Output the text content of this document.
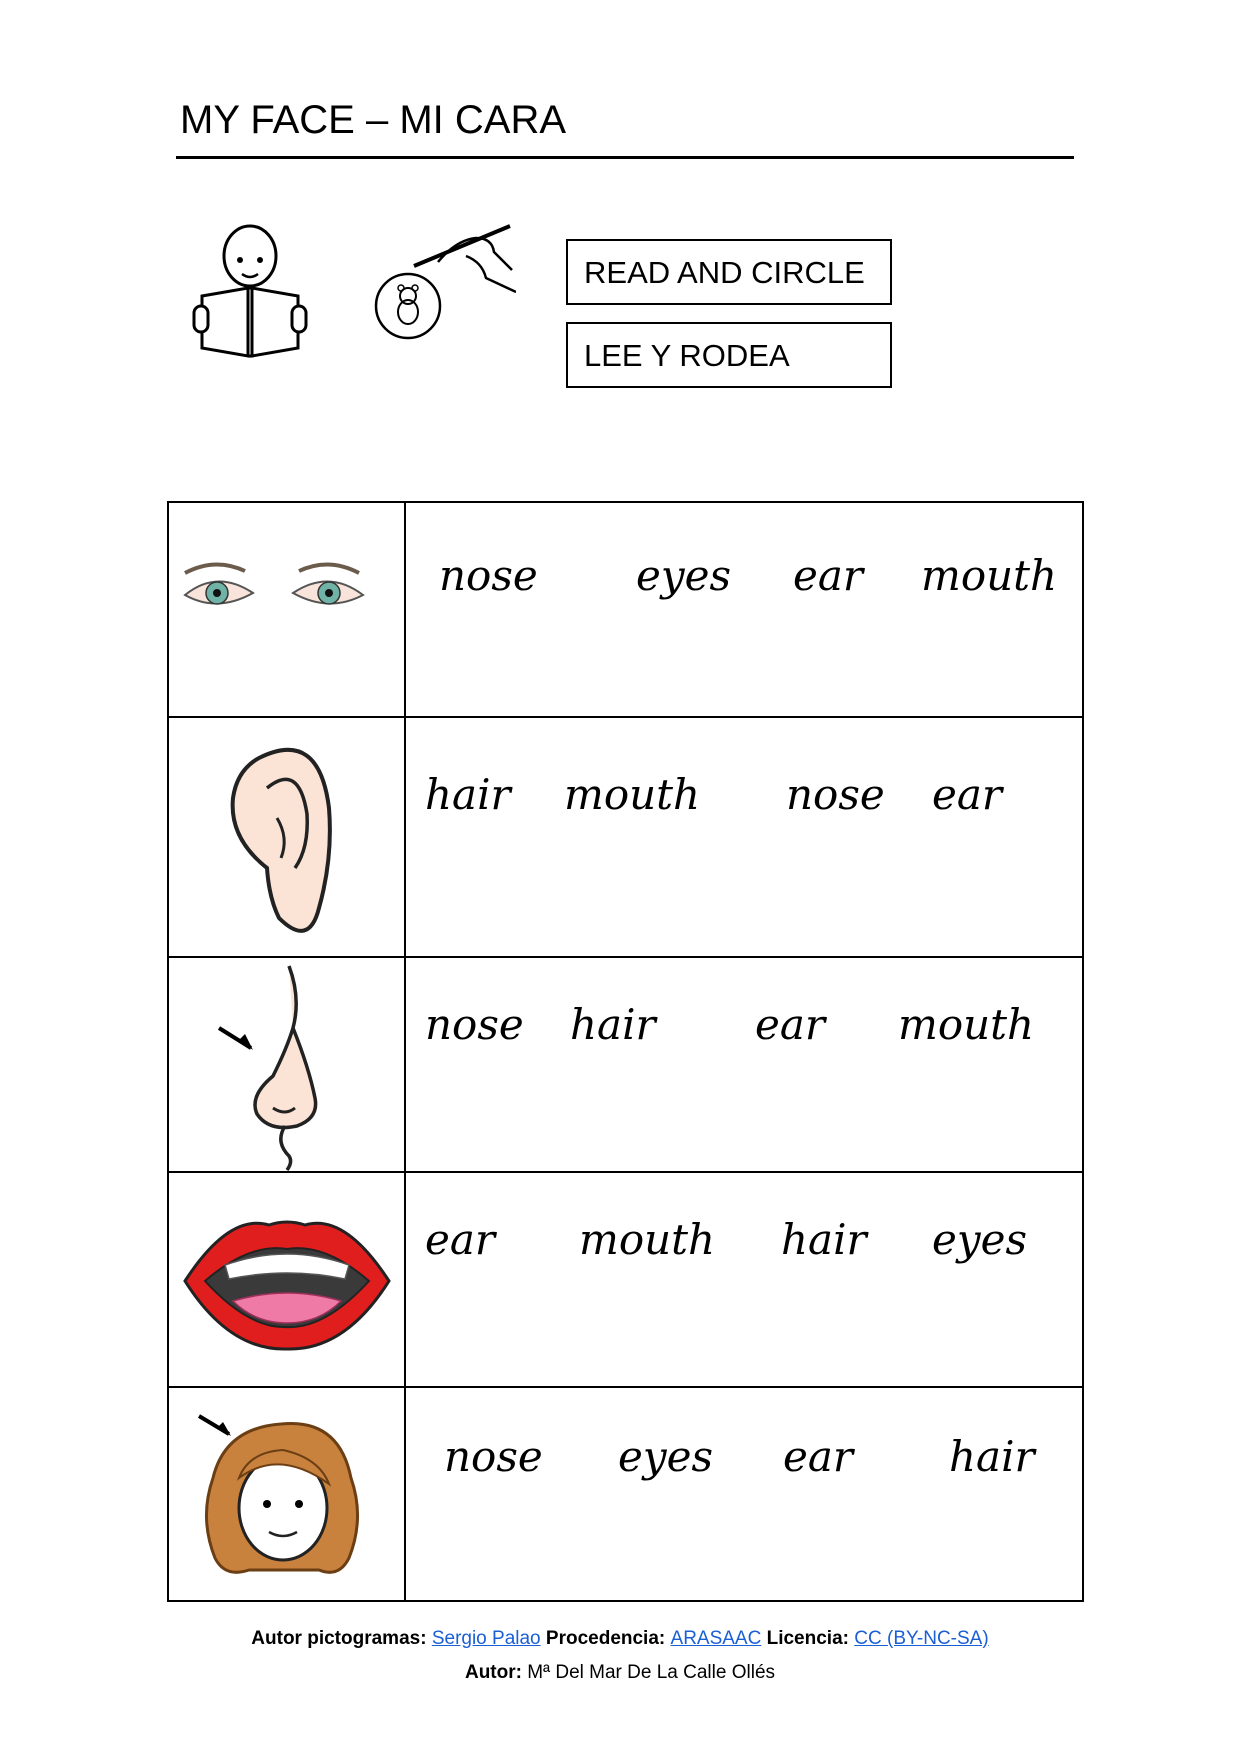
MY FACE – MI CARA
READ AND CIRCLE
LEE Y RODEA
nose eyes ear mouth
hair mouth nose ear
nose hair ear mouth
ear mouth hair eyes
nose eyes ear hair
Autor pictogramas: Sergio Palao Procedencia: ARASAAC Licencia: CC (BY-NC-SA)
Autor: Mª Del Mar De La Calle Ollés
